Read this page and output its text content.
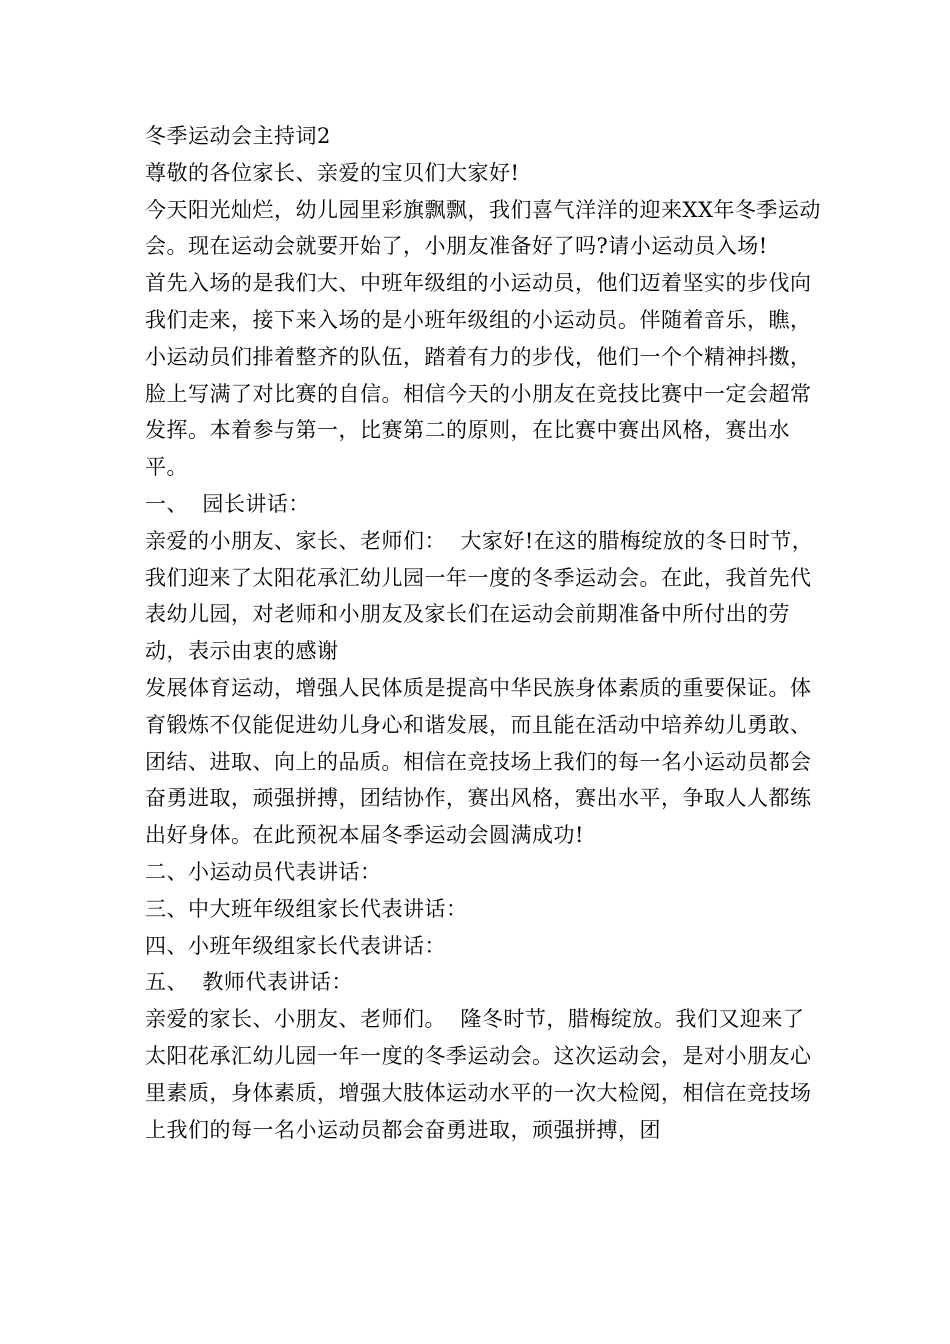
冬季运动会主持词2

尊敬的各位家长、亲爱的宝贝们大家好!

今天阳光灿烂，幼儿园里彩旗飘飘，我们喜气洋洋的迎来XX年冬季运动会。现在运动会就要开始了，小朋友准备好了吗?请小运动员入场!

首先入场的是我们大、中班年级组的小运动员，他们迈着坚实的步伐向我们走来，接下来入场的是小班年级组的小运动员。伴随着音乐，瞧，小运动员们排着整齐的队伍，踏着有力的步伐，他们一个个精神抖擞，脸上写满了对比赛的自信。相信今天的小朋友在竞技比赛中一定会超常发挥。本着参与第一，比赛第二的原则，在比赛中赛出风格，赛出水平。

一、  园长讲话：

亲爱的小朋友、家长、老师们：  大家好!在这的腊梅绽放的冬日时节，我们迎来了太阳花承汇幼儿园一年一度的冬季运动会。在此，我首先代表幼儿园，对老师和小朋友及家长们在运动会前期准备中所付出的劳动，表示由衷的感谢

发展体育运动，增强人民体质是提高中华民族身体素质的重要保证。体育锻炼不仅能促进幼儿身心和谐发展，而且能在活动中培养幼儿勇敢、团结、进取、向上的品质。相信在竞技场上我们的每一名小运动员都会奋勇进取，顽强拼搏，团结协作，赛出风格，赛出水平，争取人人都练出好身体。在此预祝本届冬季运动会圆满成功!

二、小运动员代表讲话：

三、中大班年级组家长代表讲话：

四、小班年级组家长代表讲话：

五、  教师代表讲话：

亲爱的家长、小朋友、老师们。  隆冬时节，腊梅绽放。我们又迎来了太阳花承汇幼儿园一年一度的冬季运动会。这次运动会，是对小朋友心里素质，身体素质，增强大肢体运动水平的一次大检阅，相信在竞技场上我们的每一名小运动员都会奋勇进取，顽强拼搏，团
